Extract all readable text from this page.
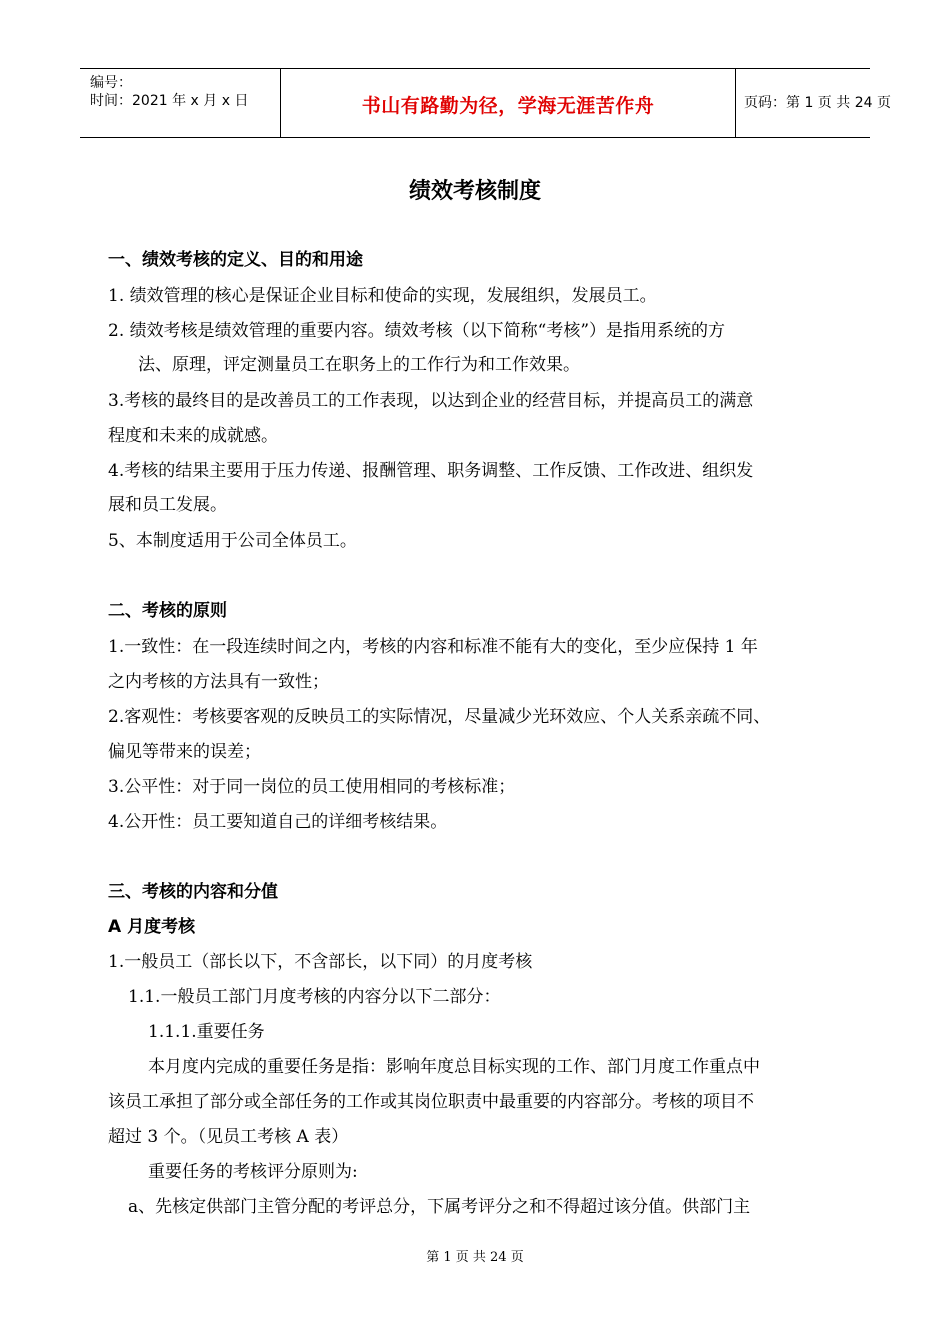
编号：
时间：2021 年 x 月 x 日	书山有路勤为径，学海无涯苦作舟	页码：第 1 页 共 24 页
绩效考核制度
一、绩效考核的定义、目的和用途
1. 绩效管理的核心是保证企业目标和使命的实现，发展组织，发展员工。
2. 绩效考核是绩效管理的重要内容。绩效考核（以下简称“考核”）是指用系统的方
法、原理，评定测量员工在职务上的工作行为和工作效果。
3.考核的最终目的是改善员工的工作表现，以达到企业的经营目标，并提高员工的满意
程度和未来的成就感。
4.考核的结果主要用于压力传递、报酬管理、职务调整、工作反馈、工作改进、组织发
展和员工发展。
5、本制度适用于公司全体员工。
二、考核的原则
1.一致性：在一段连续时间之内，考核的内容和标准不能有大的变化，至少应保持 1 年
之内考核的方法具有一致性；
2.客观性：考核要客观的反映员工的实际情况，尽量减少光环效应、个人关系亲疏不同、
偏见等带来的误差；
3.公平性：对于同一岗位的员工使用相同的考核标准；
4.公开性：员工要知道自己的详细考核结果。
三、考核的内容和分值
A 月度考核
1.一般员工（部长以下，不含部长，以下同）的月度考核
1.1.一般员工部门月度考核的内容分以下二部分：
1.1.1.重要任务
本月度内完成的重要任务是指：影响年度总目标实现的工作、部门月度工作重点中
该员工承担了部分或全部任务的工作或其岗位职责中最重要的内容部分。考核的项目不
超过 3 个。（见员工考核 A 表）
重要任务的考核评分原则为:
a、先核定供部门主管分配的考评总分，下属考评分之和不得超过该分值。供部门主
第 1 页 共 24 页
